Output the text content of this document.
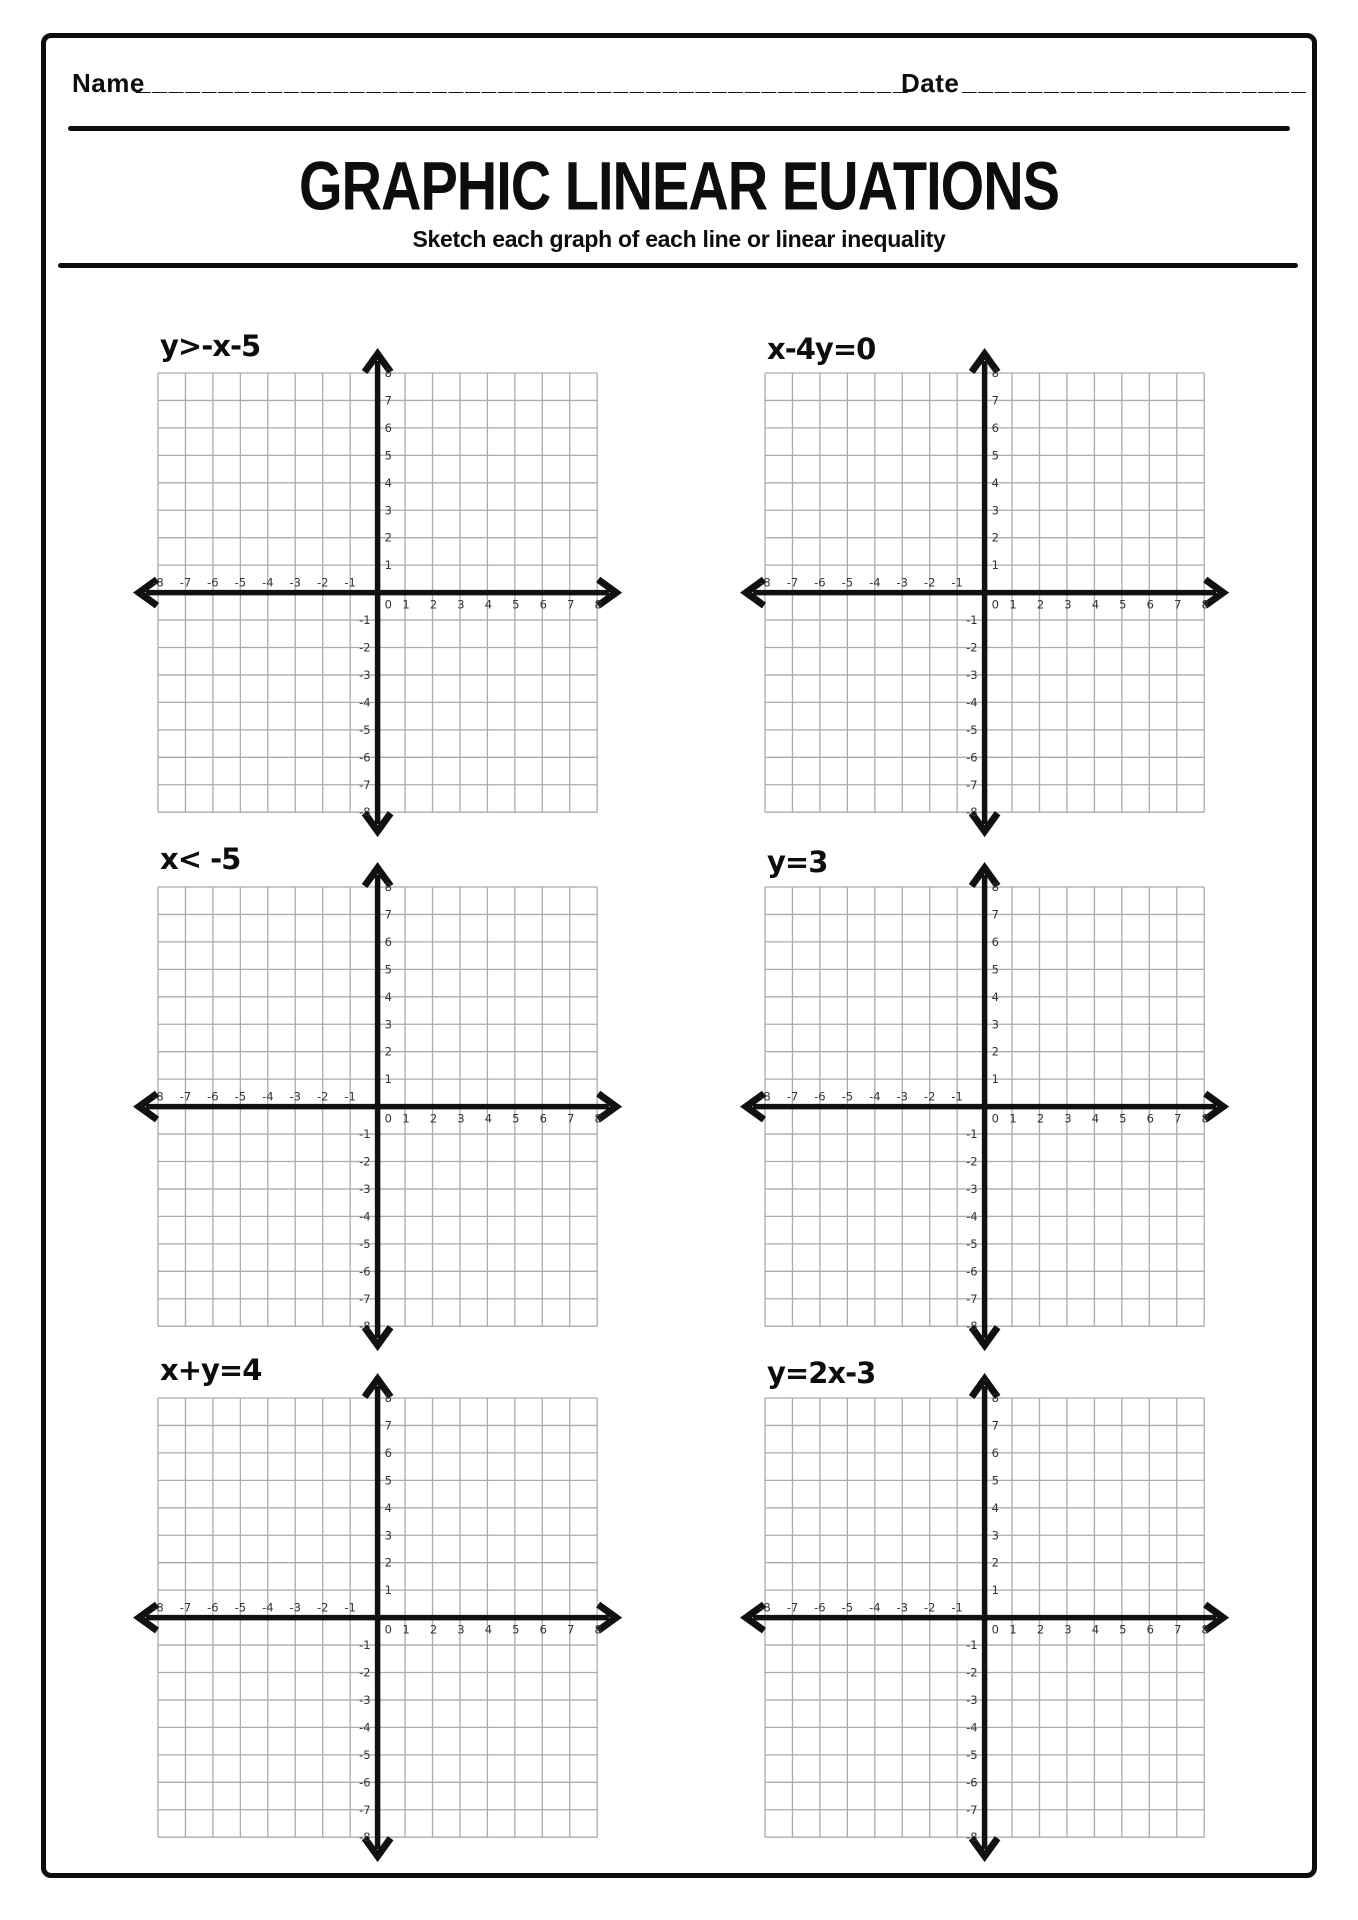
Name
_______________________________________________
Date _____________________
GRAPHIC LINEAR EUATIONS
Sketch each graph of each line or linear inequality
y>-x-5
-8 -7 -6 -5 -4 -3 -2 -1
0 1 2 3 4 5 6 7 8
1
2
3
4
5
6
7
8
-1
-2
-3
-4
-5
-6
-7
-8
x-4y=0
-8 -7 -6 -5 -4 -3 -2 -1
0 1 2 3 4 5 6 7 8
1
2
3
4
5
6
7
8
-1
-2
-3
-4
-5
-6
-7
-8
x< -5
-8 -7 -6 -5 -4 -3 -2 -1
0 1 2 3 4 5 6 7 8
1
2
3
4
5
6
7
8
-1
-2
-3
-4
-5
-6
-7
-8
y=3
-8 -7 -6 -5 -4 -3 -2 -1
0 1 2 3 4 5 6 7 8
1
2
3
4
5
6
7
8
-1
-2
-3
-4
-5
-6
-7
-8
x+y=4
-8 -7 -6 -5 -4 -3 -2 -1
0 1 2 3 4 5 6 7 8
1
2
3
4
5
6
7
8
-1
-2
-3
-4
-5
-6
-7
-8
y=2x-3
-8 -7 -6 -5 -4 -3 -2 -1
0 1 2 3 4 5 6 7 8
1
2
3
4
5
6
7
8
-1
-2
-3
-4
-5
-6
-7
-8
